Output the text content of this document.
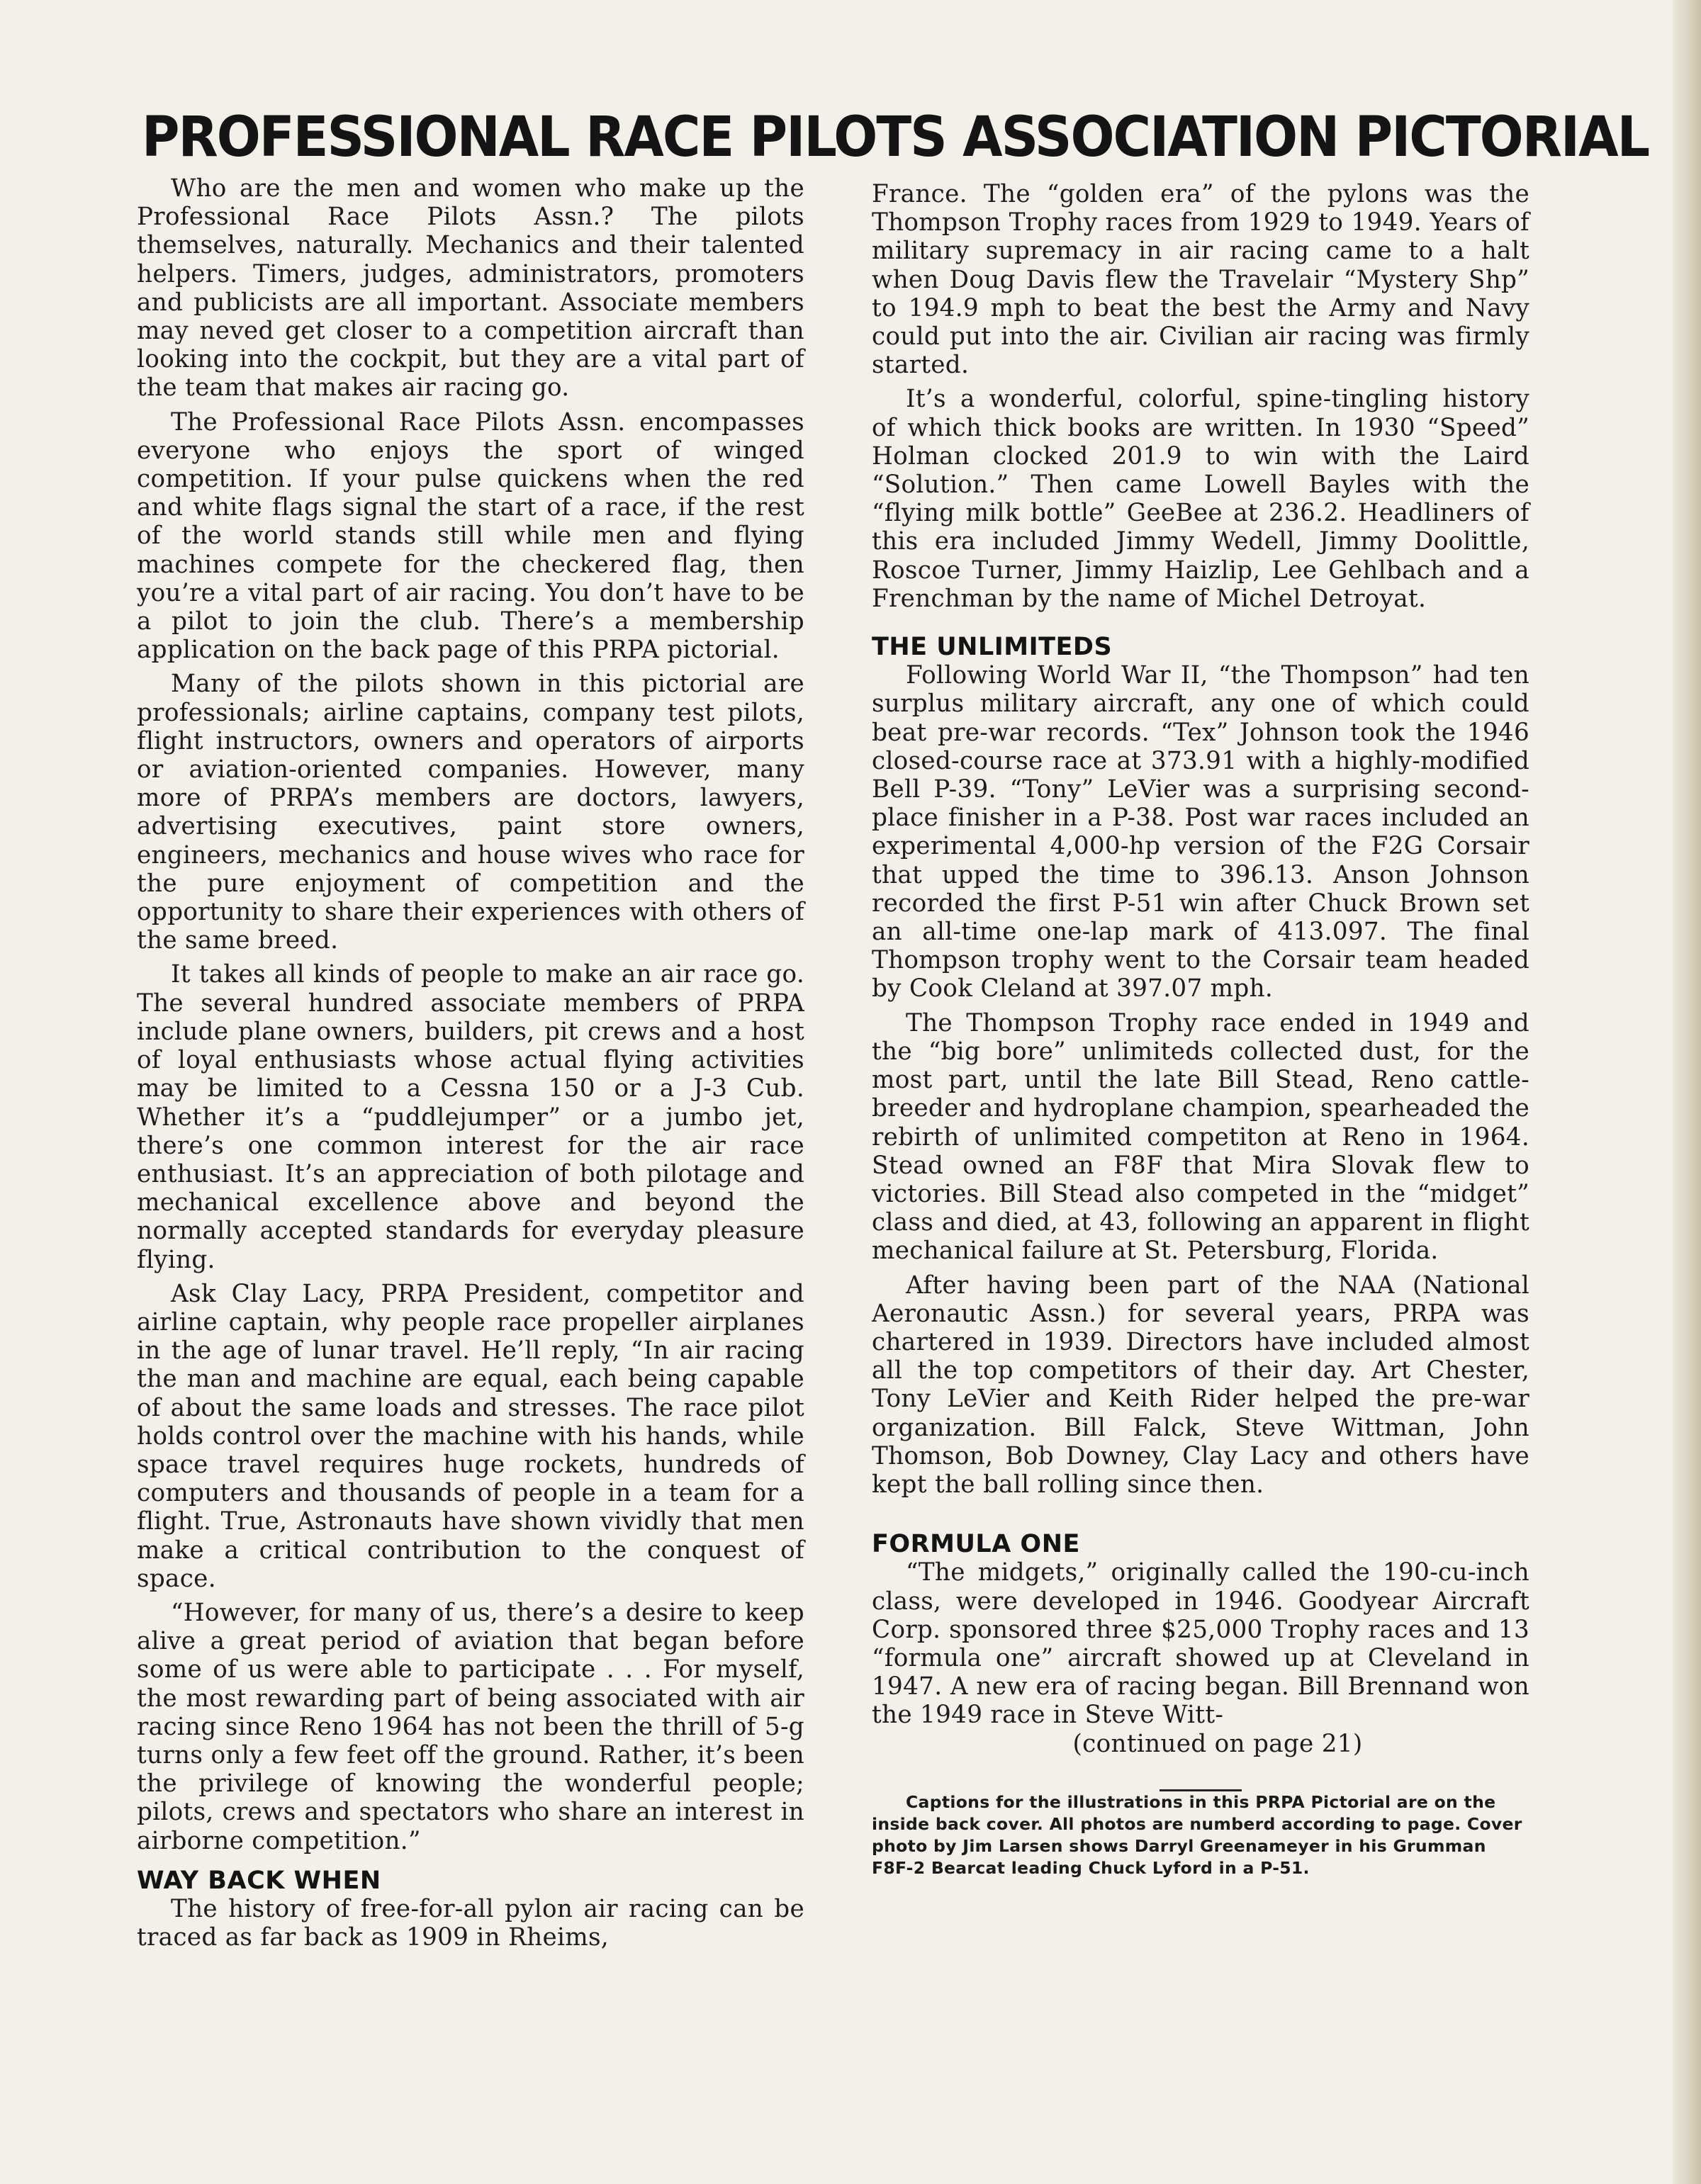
PROFESSIONAL RACE PILOTS ASSOCIATION PICTORIAL

Who are the men and women who make up the Professional Race Pilots Assn.? The pilots themselves, naturally. Mechanics and their talented helpers. Timers, judges, administrators, promoters and publicists are all important. Associate members may neved get closer to a competition aircraft than looking into the cockpit, but they are a vital part of the team that makes air racing go.

The Professional Race Pilots Assn. encompasses everyone who enjoys the sport of winged competition. If your pulse quickens when the red and white flags signal the start of a race, if the rest of the world stands still while men and flying machines compete for the checkered flag, then you’re a vital part of air racing. You don’t have to be a pilot to join the club. There’s a membership application on the back page of this PRPA pictorial.

Many of the pilots shown in this pictorial are professionals; airline captains, company test pilots, flight instructors, owners and operators of airports or aviation-oriented companies. However, many more of PRPA’s members are doctors, lawyers, advertising executives, paint store owners, engineers, mechanics and house wives who race for the pure enjoyment of competition and the opportunity to share their experiences with others of the same breed.

It takes all kinds of people to make an air race go. The several hundred associate members of PRPA include plane owners, builders, pit crews and a host of loyal enthusiasts whose actual flying activities may be limited to a Cessna 150 or a J-3 Cub. Whether it’s a “puddlejumper” or a jumbo jet, there’s one common interest for the air race enthusiast. It’s an appreciation of both pilotage and mechanical excellence above and beyond the normally accepted standards for everyday pleasure flying.

Ask Clay Lacy, PRPA President, competitor and airline captain, why people race propeller airplanes in the age of lunar travel. He’ll reply, “In air racing the man and machine are equal, each being capable of about the same loads and stresses. The race pilot holds control over the machine with his hands, while space travel requires huge rockets, hundreds of computers and thousands of people in a team for a flight. True, Astronauts have shown vividly that men make a critical contribution to the conquest of space.

“However, for many of us, there’s a desire to keep alive a great period of aviation that began before some of us were able to participate . . . For myself, the most rewarding part of being associated with air racing since Reno 1964 has not been the thrill of 5-g turns only a few feet off the ground. Rather, it’s been the privilege of knowing the wonderful people; pilots, crews and spectators who share an interest in airborne competition.”

WAY BACK WHEN

The history of free-for-all pylon air racing can be traced as far back as 1909 in Rheims,

France. The “golden era” of the pylons was the Thompson Trophy races from 1929 to 1949. Years of military supremacy in air racing came to a halt when Doug Davis flew the Travelair “Mystery Shp” to 194.9 mph to beat the best the Army and Navy could put into the air. Civilian air racing was firmly started.

It’s a wonderful, colorful, spine-tingling history of which thick books are written. In 1930 “Speed” Holman clocked 201.9 to win with the Laird “Solution.” Then came Lowell Bayles with the “flying milk bottle” GeeBee at 236.2. Headliners of this era included Jimmy Wedell, Jimmy Doolittle, Roscoe Turner, Jimmy Haizlip, Lee Gehlbach and a Frenchman by the name of Michel Detroyat.

THE UNLIMITEDS

Following World War II, “the Thompson” had ten surplus military aircraft, any one of which could beat pre-war records. “Tex” Johnson took the 1946 closed-course race at 373.91 with a highly-modified Bell P-39. “Tony” LeVier was a surprising second-place finisher in a P-38. Post war races included an experimental 4,000-hp version of the F2G Corsair that upped the time to 396.13. Anson Johnson recorded the first P-51 win after Chuck Brown set an all-time one-lap mark of 413.097. The final Thompson trophy went to the Corsair team headed by Cook Cleland at 397.07 mph.

The Thompson Trophy race ended in 1949 and the “big bore” unlimiteds collected dust, for the most part, until the late Bill Stead, Reno cattle-breeder and hydroplane champion, spearheaded the rebirth of unlimited competiton at Reno in 1964. Stead owned an F8F that Mira Slovak flew to victories. Bill Stead also competed in the “midget” class and died, at 43, following an apparent in flight mechanical failure at St. Petersburg, Florida.

After having been part of the NAA (National Aeronautic Assn.) for several years, PRPA was chartered in 1939. Directors have included almost all the top competitors of their day. Art Chester, Tony LeVier and Keith Rider helped the pre-war organization. Bill Falck, Steve Wittman, John Thomson, Bob Downey, Clay Lacy and others have kept the ball rolling since then.

FORMULA ONE

“The midgets,” originally called the 190-cu-inch class, were developed in 1946. Goodyear Aircraft Corp. sponsored three $25,000 Trophy races and 13 “formula one” aircraft showed up at Cleveland in 1947. A new era of racing began. Bill Brennand won the 1949 race in Steve Witt-

(continued on page 21)

Captions for the illustrations in this PRPA Pictorial are on the inside back cover. All photos are numberd according to page. Cover photo by Jim Larsen shows Darryl Greenameyer in his Grumman F8F-2 Bearcat leading Chuck Lyford in a P-51.
